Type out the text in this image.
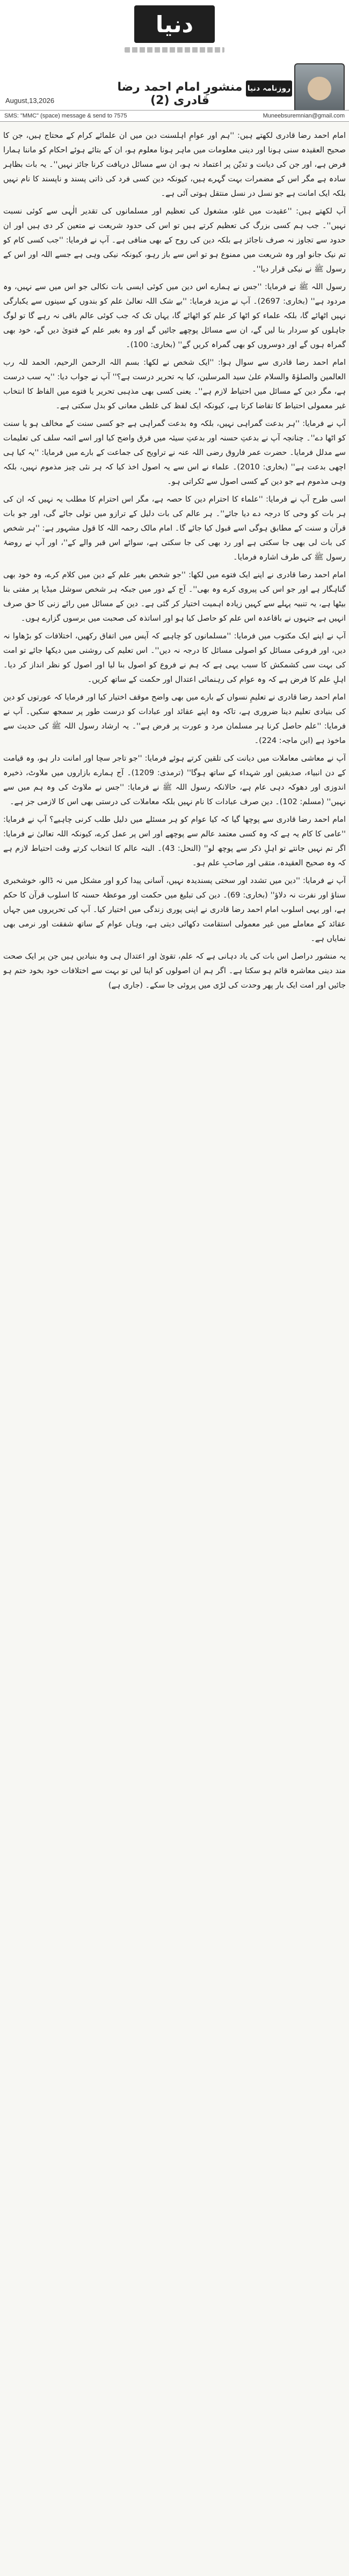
دنیا
روزنامہ دنیا
منشورِ امام احمد رضا قادری (2)
August,13,2026
SMS: "MMC" (space) message & send to 7575	Muneebsuremnian@gmail.com

امام احمد رضا قادری لکھتے ہیں: ''ہم اور عوامِ اہلسنت دین میں ان علمائے کرام کے محتاج ہیں، جن کا صحیح العقیدہ سنی ہونا اور دینی معلومات میں ماہر ہونا معلوم ہو، ان کے بتائے ہوئے احکام کو ماننا ہمارا فرض ہے، اور جن کی دیانت و تدیّن پر اعتماد نہ ہو، ان سے مسائل دریافت کرنا جائز نہیں''۔ یہ بات بظاہر سادہ ہے مگر اس کے مضمرات بہت گہرے ہیں، کیونکہ دین کسی فرد کی ذاتی پسند و ناپسند کا نام نہیں بلکہ ایک امانت ہے جو نسل در نسل منتقل ہوتی آئی ہے۔

آپ لکھتے ہیں: ''عقیدت میں غلو، مشغول کی تعظیم اور مسلمانوں کی تقدیر الٰہی سے کوئی نسبت نہیں''۔ جب ہم کسی بزرگ کی تعظیم کرتے ہیں تو اس کی حدود شریعت نے متعین کر دی ہیں اور ان حدود سے تجاوز نہ صرف ناجائز ہے بلکہ دین کی روح کے بھی منافی ہے۔ آپ نے فرمایا: ''جب کسی کام کو تم نیک جانو اور وہ شریعت میں ممنوع ہو تو اس سے باز رہو، کیونکہ نیکی وہی ہے جسے اللہ اور اس کے رسول ﷺ نے نیکی قرار دیا''۔

رسول اللہ ﷺ نے فرمایا: ''جس نے ہمارے اس دین میں کوئی ایسی بات نکالی جو اس میں سے نہیں، وہ مردود ہے'' (بخاری: 2697)۔ آپ نے مزید فرمایا: ''بے شک اللہ تعالیٰ علم کو بندوں کے سینوں سے یکبارگی نہیں اٹھائے گا، بلکہ علماء کو اٹھا کر علم کو اٹھائے گا، یہاں تک کہ جب کوئی عالم باقی نہ رہے گا تو لوگ جاہلوں کو سردار بنا لیں گے، ان سے مسائل پوچھے جائیں گے اور وہ بغیر علم کے فتویٰ دیں گے، خود بھی گمراہ ہوں گے اور دوسروں کو بھی گمراہ کریں گے'' (بخاری: 100)۔

امام احمد رضا قادری سے سوال ہوا: ''ایک شخص نے لکھا: بسم اللہ الرحمن الرحیم، الحمد للہ رب العالمین والصلوٰۃ والسلام علیٰ سید المرسلین، کیا یہ تحریر درست ہے؟'' آپ نے جواب دیا: ''یہ سب درست ہے، مگر دین کے مسائل میں احتیاط لازم ہے''۔ یعنی کسی بھی مذہبی تحریر یا فتوے میں الفاظ کا انتخاب غیر معمولی احتیاط کا تقاضا کرتا ہے، کیونکہ ایک لفظ کی غلطی معانی کو بدل سکتی ہے۔

آپ نے فرمایا: ''ہر بدعت گمراہی نہیں، بلکہ وہ بدعت گمراہی ہے جو کسی سنت کے مخالف ہو یا سنت کو اٹھا دے''۔ چنانچہ آپ نے بدعتِ حسنہ اور بدعتِ سیئہ میں فرق واضح کیا اور اسے ائمہ سلف کی تعلیمات سے مدلل فرمایا۔ حضرت عمر فاروق رضی اللہ عنہ نے تراویح کی جماعت کے بارے میں فرمایا: ''یہ کیا ہی اچھی بدعت ہے'' (بخاری: 2010)۔ علماء نے اس سے یہ اصول اخذ کیا کہ ہر نئی چیز مذموم نہیں، بلکہ وہی مذموم ہے جو دین کے کسی اصول سے ٹکراتی ہو۔

اسی طرح آپ نے فرمایا: ''علماء کا احترام دین کا حصہ ہے، مگر اس احترام کا مطلب یہ نہیں کہ ان کی ہر بات کو وحی کا درجہ دے دیا جائے''۔ ہر عالم کی بات دلیل کے ترازو میں تولی جائے گی، اور جو بات قرآن و سنت کے مطابق ہوگی اسے قبول کیا جائے گا۔ امام مالک رحمہ اللہ کا قول مشہور ہے: ''ہر شخص کی بات لی بھی جا سکتی ہے اور رد بھی کی جا سکتی ہے، سوائے اس قبر والے کے''، اور آپ نے روضۂ رسول ﷺ کی طرف اشارہ فرمایا۔

امام احمد رضا قادری نے اپنے ایک فتوے میں لکھا: ''جو شخص بغیر علم کے دین میں کلام کرے، وہ خود بھی گناہگار ہے اور جو اس کی پیروی کرے وہ بھی''۔ آج کے دور میں جبکہ ہر شخص سوشل میڈیا پر مفتی بنا بیٹھا ہے، یہ تنبیہ پہلے سے کہیں زیادہ اہمیت اختیار کر گئی ہے۔ دین کے مسائل میں رائے زنی کا حق صرف انہیں ہے جنہوں نے باقاعدہ اس علم کو حاصل کیا ہو اور اساتذہ کی صحبت میں برسوں گزارے ہوں۔

آپ نے اپنے ایک مکتوب میں فرمایا: ''مسلمانوں کو چاہیے کہ آپس میں اتفاق رکھیں، اختلافات کو بڑھاوا نہ دیں، اور فروعی مسائل کو اصولی مسائل کا درجہ نہ دیں''۔ اس تعلیم کی روشنی میں دیکھا جائے تو امت کی بہت سی کشمکش کا سبب یہی ہے کہ ہم نے فروع کو اصول بنا لیا اور اصول کو نظر انداز کر دیا۔ اہلِ علم کا فرض ہے کہ وہ عوام کی رہنمائی اعتدال اور حکمت کے ساتھ کریں۔

امام احمد رضا قادری نے تعلیمِ نسواں کے بارے میں بھی واضح موقف اختیار کیا اور فرمایا کہ عورتوں کو دین کی بنیادی تعلیم دینا ضروری ہے، تاکہ وہ اپنے عقائد اور عبادات کو درست طور پر سمجھ سکیں۔ آپ نے فرمایا: ''علم حاصل کرنا ہر مسلمان مرد و عورت پر فرض ہے''۔ یہ ارشاد رسول اللہ ﷺ کی حدیث سے ماخوذ ہے (ابن ماجہ: 224)۔

آپ نے معاشی معاملات میں دیانت کی تلقین کرتے ہوئے فرمایا: ''جو تاجر سچا اور امانت دار ہو، وہ قیامت کے دن انبیاء، صدیقین اور شہداء کے ساتھ ہوگا'' (ترمذی: 1209)۔ آج ہمارے بازاروں میں ملاوٹ، ذخیرہ اندوزی اور دھوکہ دہی عام ہے، حالانکہ رسول اللہ ﷺ نے فرمایا: ''جس نے ملاوٹ کی وہ ہم میں سے نہیں'' (مسلم: 102)۔ دین صرف عبادات کا نام نہیں بلکہ معاملات کی درستی بھی اس کا لازمی جز ہے۔

امام احمد رضا قادری سے پوچھا گیا کہ کیا عوام کو ہر مسئلے میں دلیل طلب کرنی چاہیے؟ آپ نے فرمایا: ''عامی کا کام یہ ہے کہ وہ کسی معتمد عالم سے پوچھے اور اس پر عمل کرے، کیونکہ اللہ تعالیٰ نے فرمایا: اگر تم نہیں جانتے تو اہلِ ذکر سے پوچھ لو'' (النحل: 43)۔ البتہ عالم کا انتخاب کرتے وقت احتیاط لازم ہے کہ وہ صحیح العقیدہ، متقی اور صاحبِ علم ہو۔

آپ نے فرمایا: ''دین میں تشدد اور سختی پسندیدہ نہیں، آسانی پیدا کرو اور مشکل میں نہ ڈالو، خوشخبری سناؤ اور نفرت نہ دلاؤ'' (بخاری: 69)۔ دین کی تبلیغ میں حکمت اور موعظۂ حسنہ کا اسلوب قرآن کا حکم ہے، اور یہی اسلوب امام احمد رضا قادری نے اپنی پوری زندگی میں اختیار کیا۔ آپ کی تحریروں میں جہاں عقائد کے معاملے میں غیر معمولی استقامت دکھائی دیتی ہے، وہاں عوام کے ساتھ شفقت اور نرمی بھی نمایاں ہے۔

یہ منشور دراصل اس بات کی یاد دہانی ہے کہ علم، تقویٰ اور اعتدال ہی وہ بنیادیں ہیں جن پر ایک صحت مند دینی معاشرہ قائم ہو سکتا ہے۔ اگر ہم ان اصولوں کو اپنا لیں تو بہت سے اختلافات خود بخود ختم ہو جائیں اور امت ایک بار پھر وحدت کی لڑی میں پروئی جا سکے۔ (جاری ہے)
